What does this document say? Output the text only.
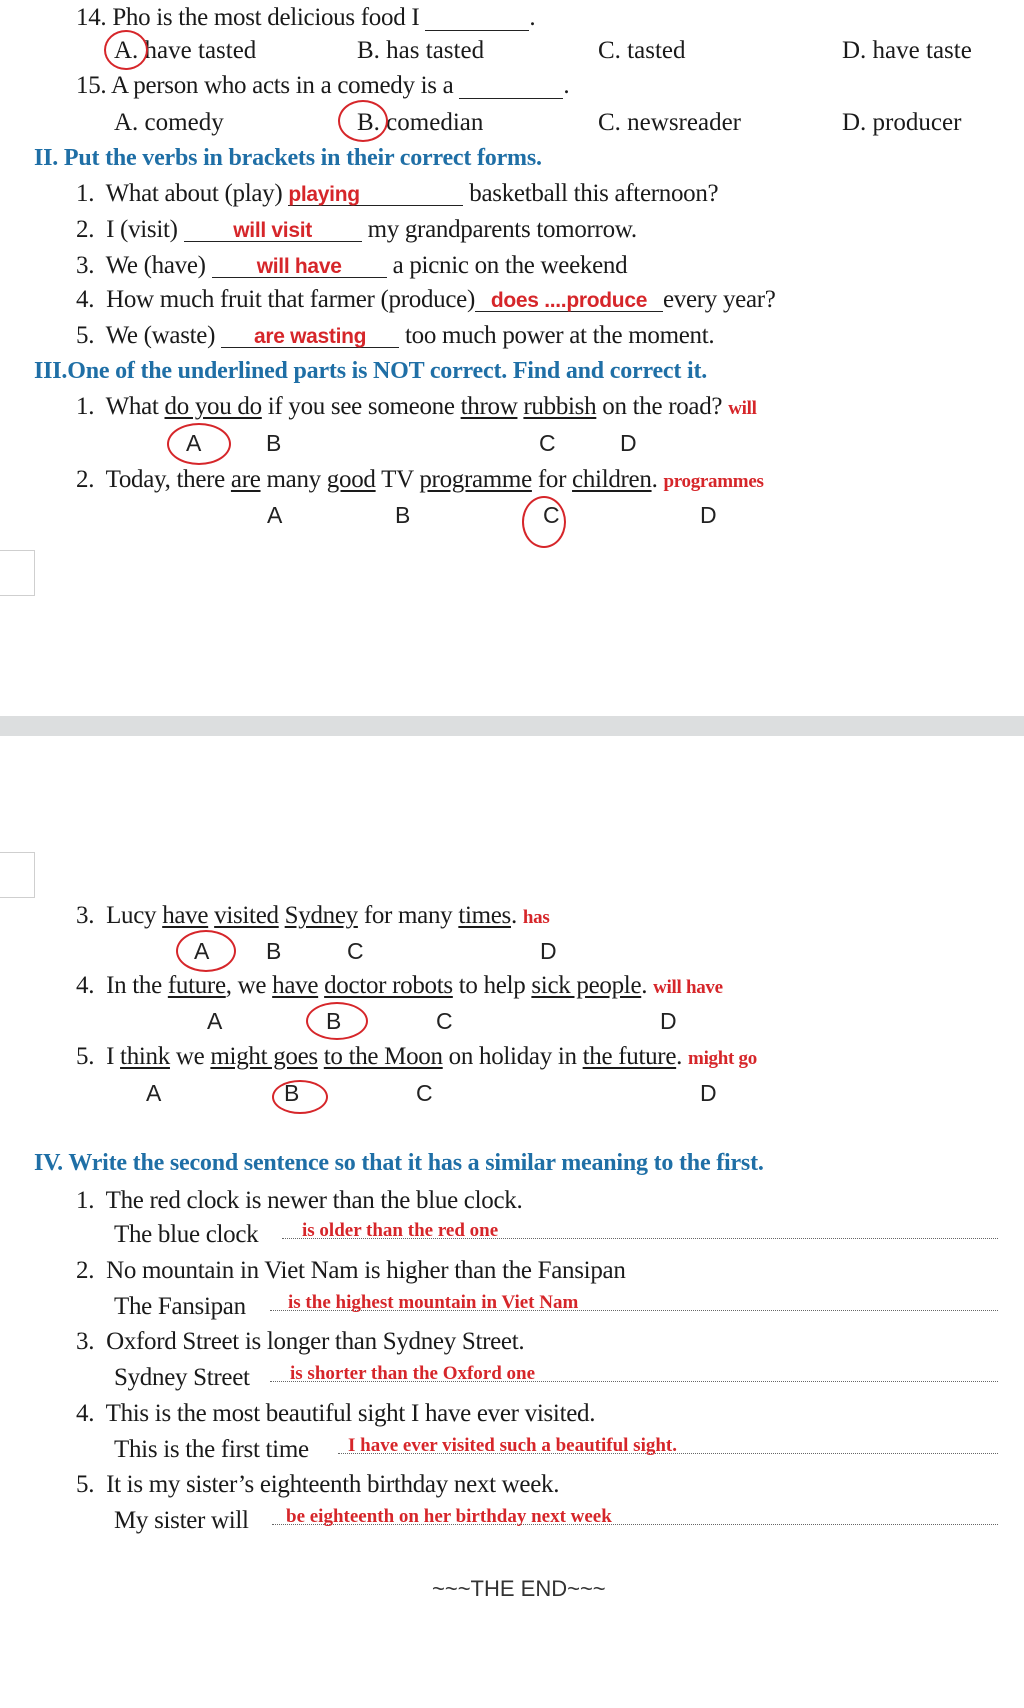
14. Pho is the most delicious food I	.
A. have tasted	B. has tasted	C. tasted	D. have taste
15. A person who acts in a comedy is a	.
A. comedy	B. comedian	C. newsreader	D. producer
II. Put the verbs in brackets in their correct forms.
1. What about (play) playing	basketball this afternoon?
2. I (visit)	will visit my grandparents tomorrow.
3. We (have) will have a picnic on the weekend
4. How much fruit that farmer (produce) does ....produce every year?
5. We (waste) are wasting too much power at the moment.
III.One of the underlined parts is NOT correct. Find and correct it.
1. What do you do if you see someone throw rubbish on the road? will
A	B	C	D
2. Today, there are many good TV programme for children. programmes
A	B	C	D
3. Lucy have visited Sydney for many times. has
A B	C	D
4. In the future, we have doctor robots to help sick people. will have
A	B	C	D
5. I think we might goes to the Moon on holiday in the future. might go
A	B	C	D
IV. Write the second sentence so that it has a similar meaning to the first.
1. The red clock is newer than the blue clock.
The blue clock is older than the red one
2. No mountain in Viet Nam is higher than the Fansipan
The Fansipan is the highest mountain in Viet Nam
3. Oxford Street is longer than Sydney Street.
Sydney Street is shorter than the Oxford one
4. This is the most beautiful sight I have ever visited.
This is the first time I have ever visited such a beautiful sight.
5. It is my sister’s eighteenth birthday next week.
My sister will be eighteenth on her birthday next week
~~~THE END~~~
